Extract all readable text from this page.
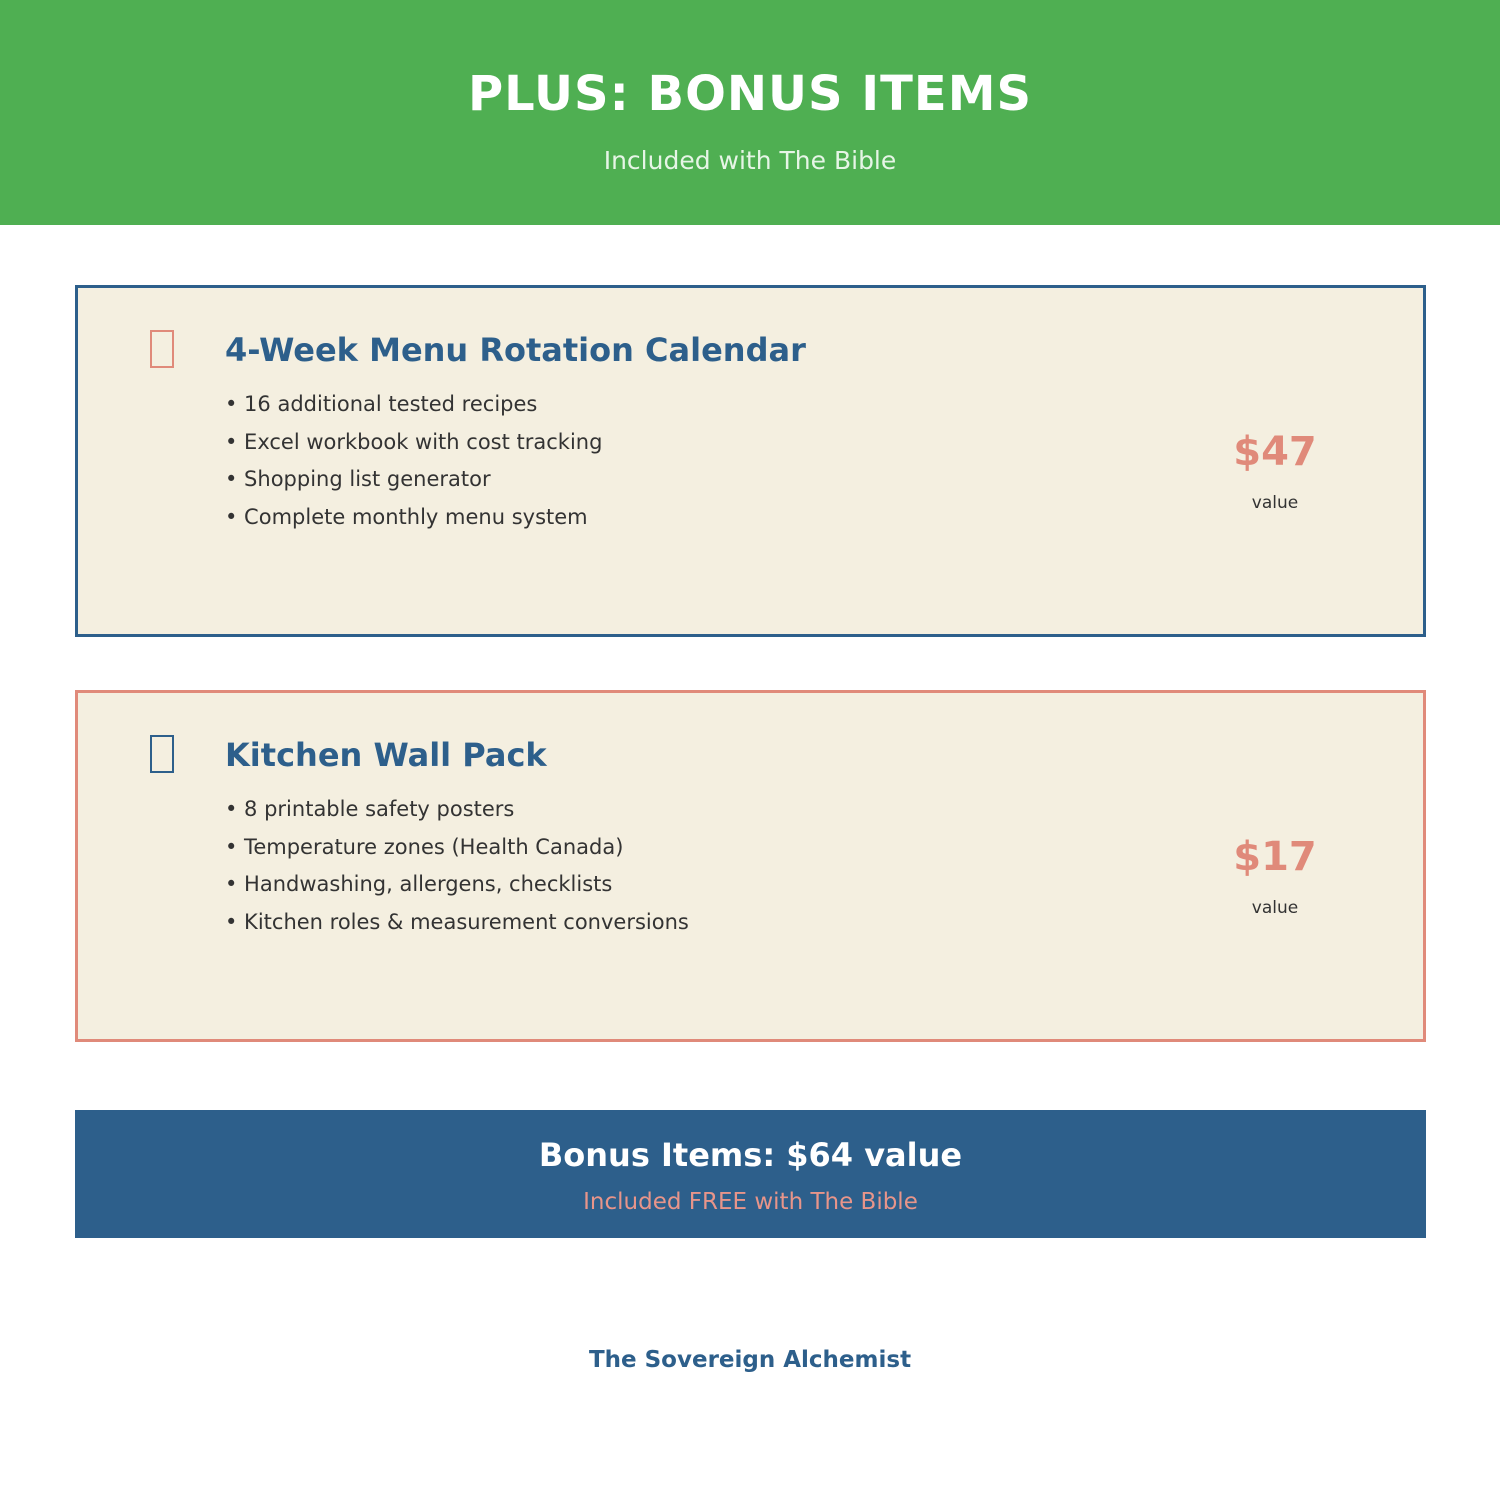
PLUS: BONUS ITEMS
Included with The Bible
4-Week Menu Rotation Calendar
• 16 additional tested recipes
• Excel workbook with cost tracking
• Shopping list generator
• Complete monthly menu system
$47
value
Kitchen Wall Pack
• 8 printable safety posters
• Temperature zones (Health Canada)
• Handwashing, allergens, checklists
• Kitchen roles & measurement conversions
$17
value
Bonus Items: $64 value
Included FREE with The Bible
The Sovereign Alchemist
